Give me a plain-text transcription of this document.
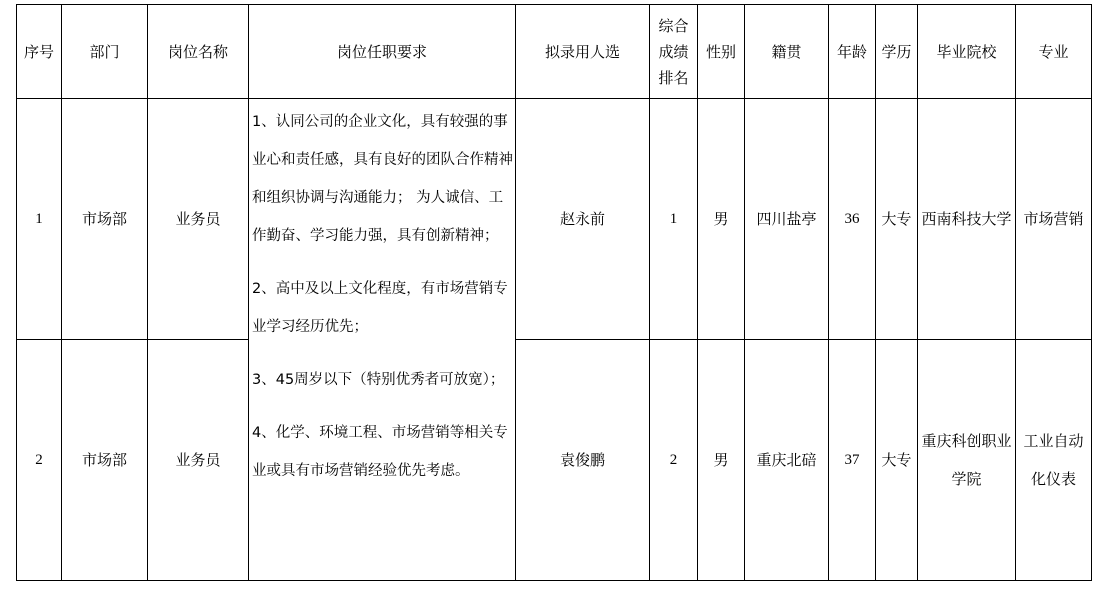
序号	部门	岗位名称	岗位任职要求	拟录用人选	综合成绩排名	性别	籍贯	年龄	学历	毕业院校	专业
1	市场部	业务员	1、认同公司的企业文化，具有较强的事业心和责任感，具有良好的团队合作精神和组织协调与沟通能力； 为人诚信、工作勤奋、学习能力强，具有创新精神；

2、高中及以上文化程度，有市场营销专业学习经历优先；

3、45周岁以下（特别优秀者可放宽）；

4、化学、环境工程、市场营销等相关专业或具有市场营销经验优先考虑。	赵永前	1	男	四川盐亭	36	大专	西南科技大学	市场营销
2	市场部	业务员		袁俊鹏	2	男	重庆北碚	37	大专	重庆科创职业学院	工业自动化仪表
